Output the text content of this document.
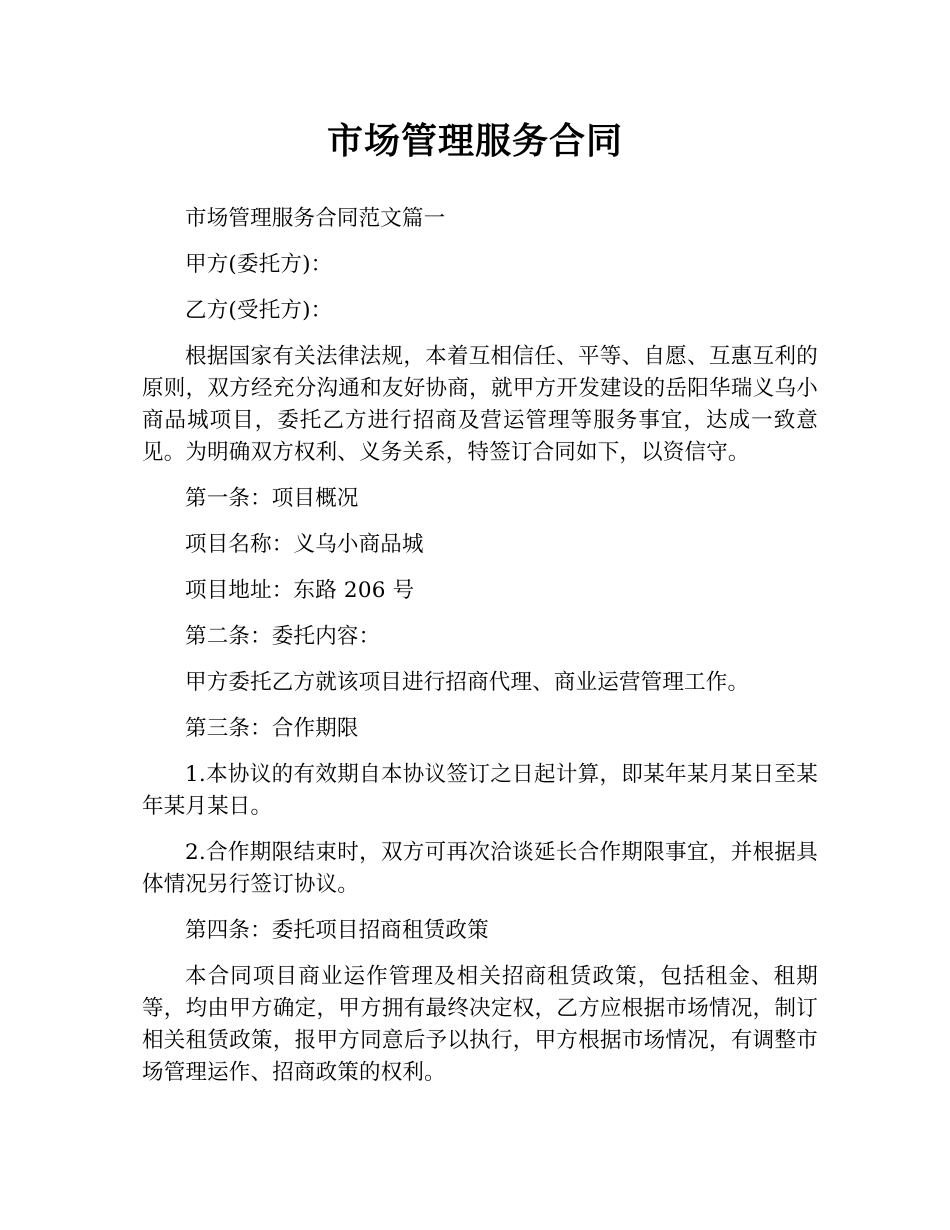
市场管理服务合同

市场管理服务合同范文篇一

甲方(委托方)：

乙方(受托方)：

根据国家有关法律法规，本着互相信任、平等、自愿、互惠互利的原则，双方经充分沟通和友好协商，就甲方开发建设的岳阳华瑞义乌小商品城项目，委托乙方进行招商及营运管理等服务事宜，达成一致意见。为明确双方权利、义务关系，特签订合同如下，以资信守。

第一条：项目概况

项目名称：义乌小商品城

项目地址：东路 206 号

第二条：委托内容：

甲方委托乙方就该项目进行招商代理、商业运营管理工作。

第三条：合作期限

1.本协议的有效期自本协议签订之日起计算，即某年某月某日至某年某月某日。

2.合作期限结束时，双方可再次洽谈延长合作期限事宜，并根据具体情况另行签订协议。

第四条：委托项目招商租赁政策

本合同项目商业运作管理及相关招商租赁政策，包括租金、租期等，均由甲方确定，甲方拥有最终决定权，乙方应根据市场情况，制订相关租赁政策，报甲方同意后予以执行，甲方根据市场情况，有调整市场管理运作、招商政策的权利。
